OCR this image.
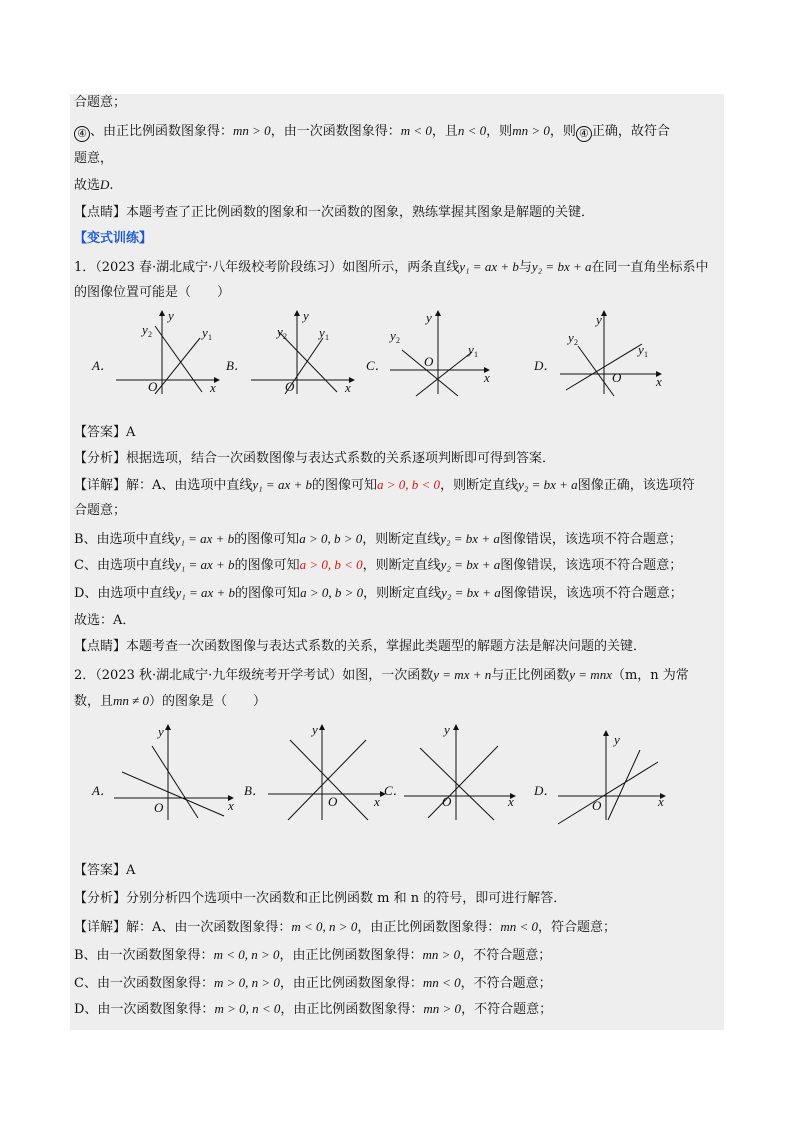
合题意；
④ 、由正比例函数图象得：mn > 0，由一次函数图象得：m < 0，且n < 0，则mn > 0，则 ④ 正确，故符合
题意，
故选D.
【点睛】本题考查了正比例函数的图象和一次函数的图象，熟练掌握其图象是解题的关键．
【变式训练】
1．（2023 春·湖北咸宁·八年级校考阶段练习）如图所示，两条直线y₁ = ax + b与y₂ = bx + a在同一直角坐标系中
的图像位置可能是（　　）
A．
x
y
O
y 2	y 1
B．
x
y
O
y 2 y 1
C．
x
y
O
y 2
y 1
D．
x
y
O
y 2	y 1
【答案】A
【分析】根据选项，结合一次函数图像与表达式系数的关系逐项判断即可得到答案．
【详解】解：A、由选项中直线y₁ = ax + b的图像可知a > 0, b < 0，则断定直线y₂ = bx + a图像正确，该选项符
合题意；
B、由选项中直线y₁ = ax + b的图像可知a > 0, b > 0，则断定直线y₂ = bx + a图像错误，该选项不符合题意；
C、由选项中直线y₁ = ax + b的图像可知a > 0, b < 0，则断定直线y₂ = bx + a图像错误，该选项不符合题意；
D、由选项中直线y₁ = ax + b的图像可知a > 0, b > 0，则断定直线y₂ = bx + a图像错误，该选项不符合题意；
故选：A．
【点睛】本题考查一次函数图像与表达式系数的关系，掌握此类题型的解题方法是解决问题的关键．
2．（2023 秋·湖北咸宁·九年级统考开学考试）如图，一次函数y = mx + n与正比例函数y = mnx（m，n 为常
数，且mn ≠ 0）的图象是（　　）
A．
x
y
O
B．
x
y
O
C．
x
y
O
D．
x
y
O
【答案】A
【分析】分别分析四个选项中一次函数和正比例函数 m 和 n 的符号，即可进行解答．
【详解】解：A、由一次函数图象得：m < 0, n > 0，由正比例函数图象得：mn < 0，符合题意；
B、由一次函数图象得：m < 0, n > 0，由正比例函数图象得：mn > 0，不符合题意；
C、由一次函数图象得：m > 0, n > 0，由正比例函数图象得：mn < 0，不符合题意；
D、由一次函数图象得：m > 0, n < 0，由正比例函数图象得：mn > 0，不符合题意；
